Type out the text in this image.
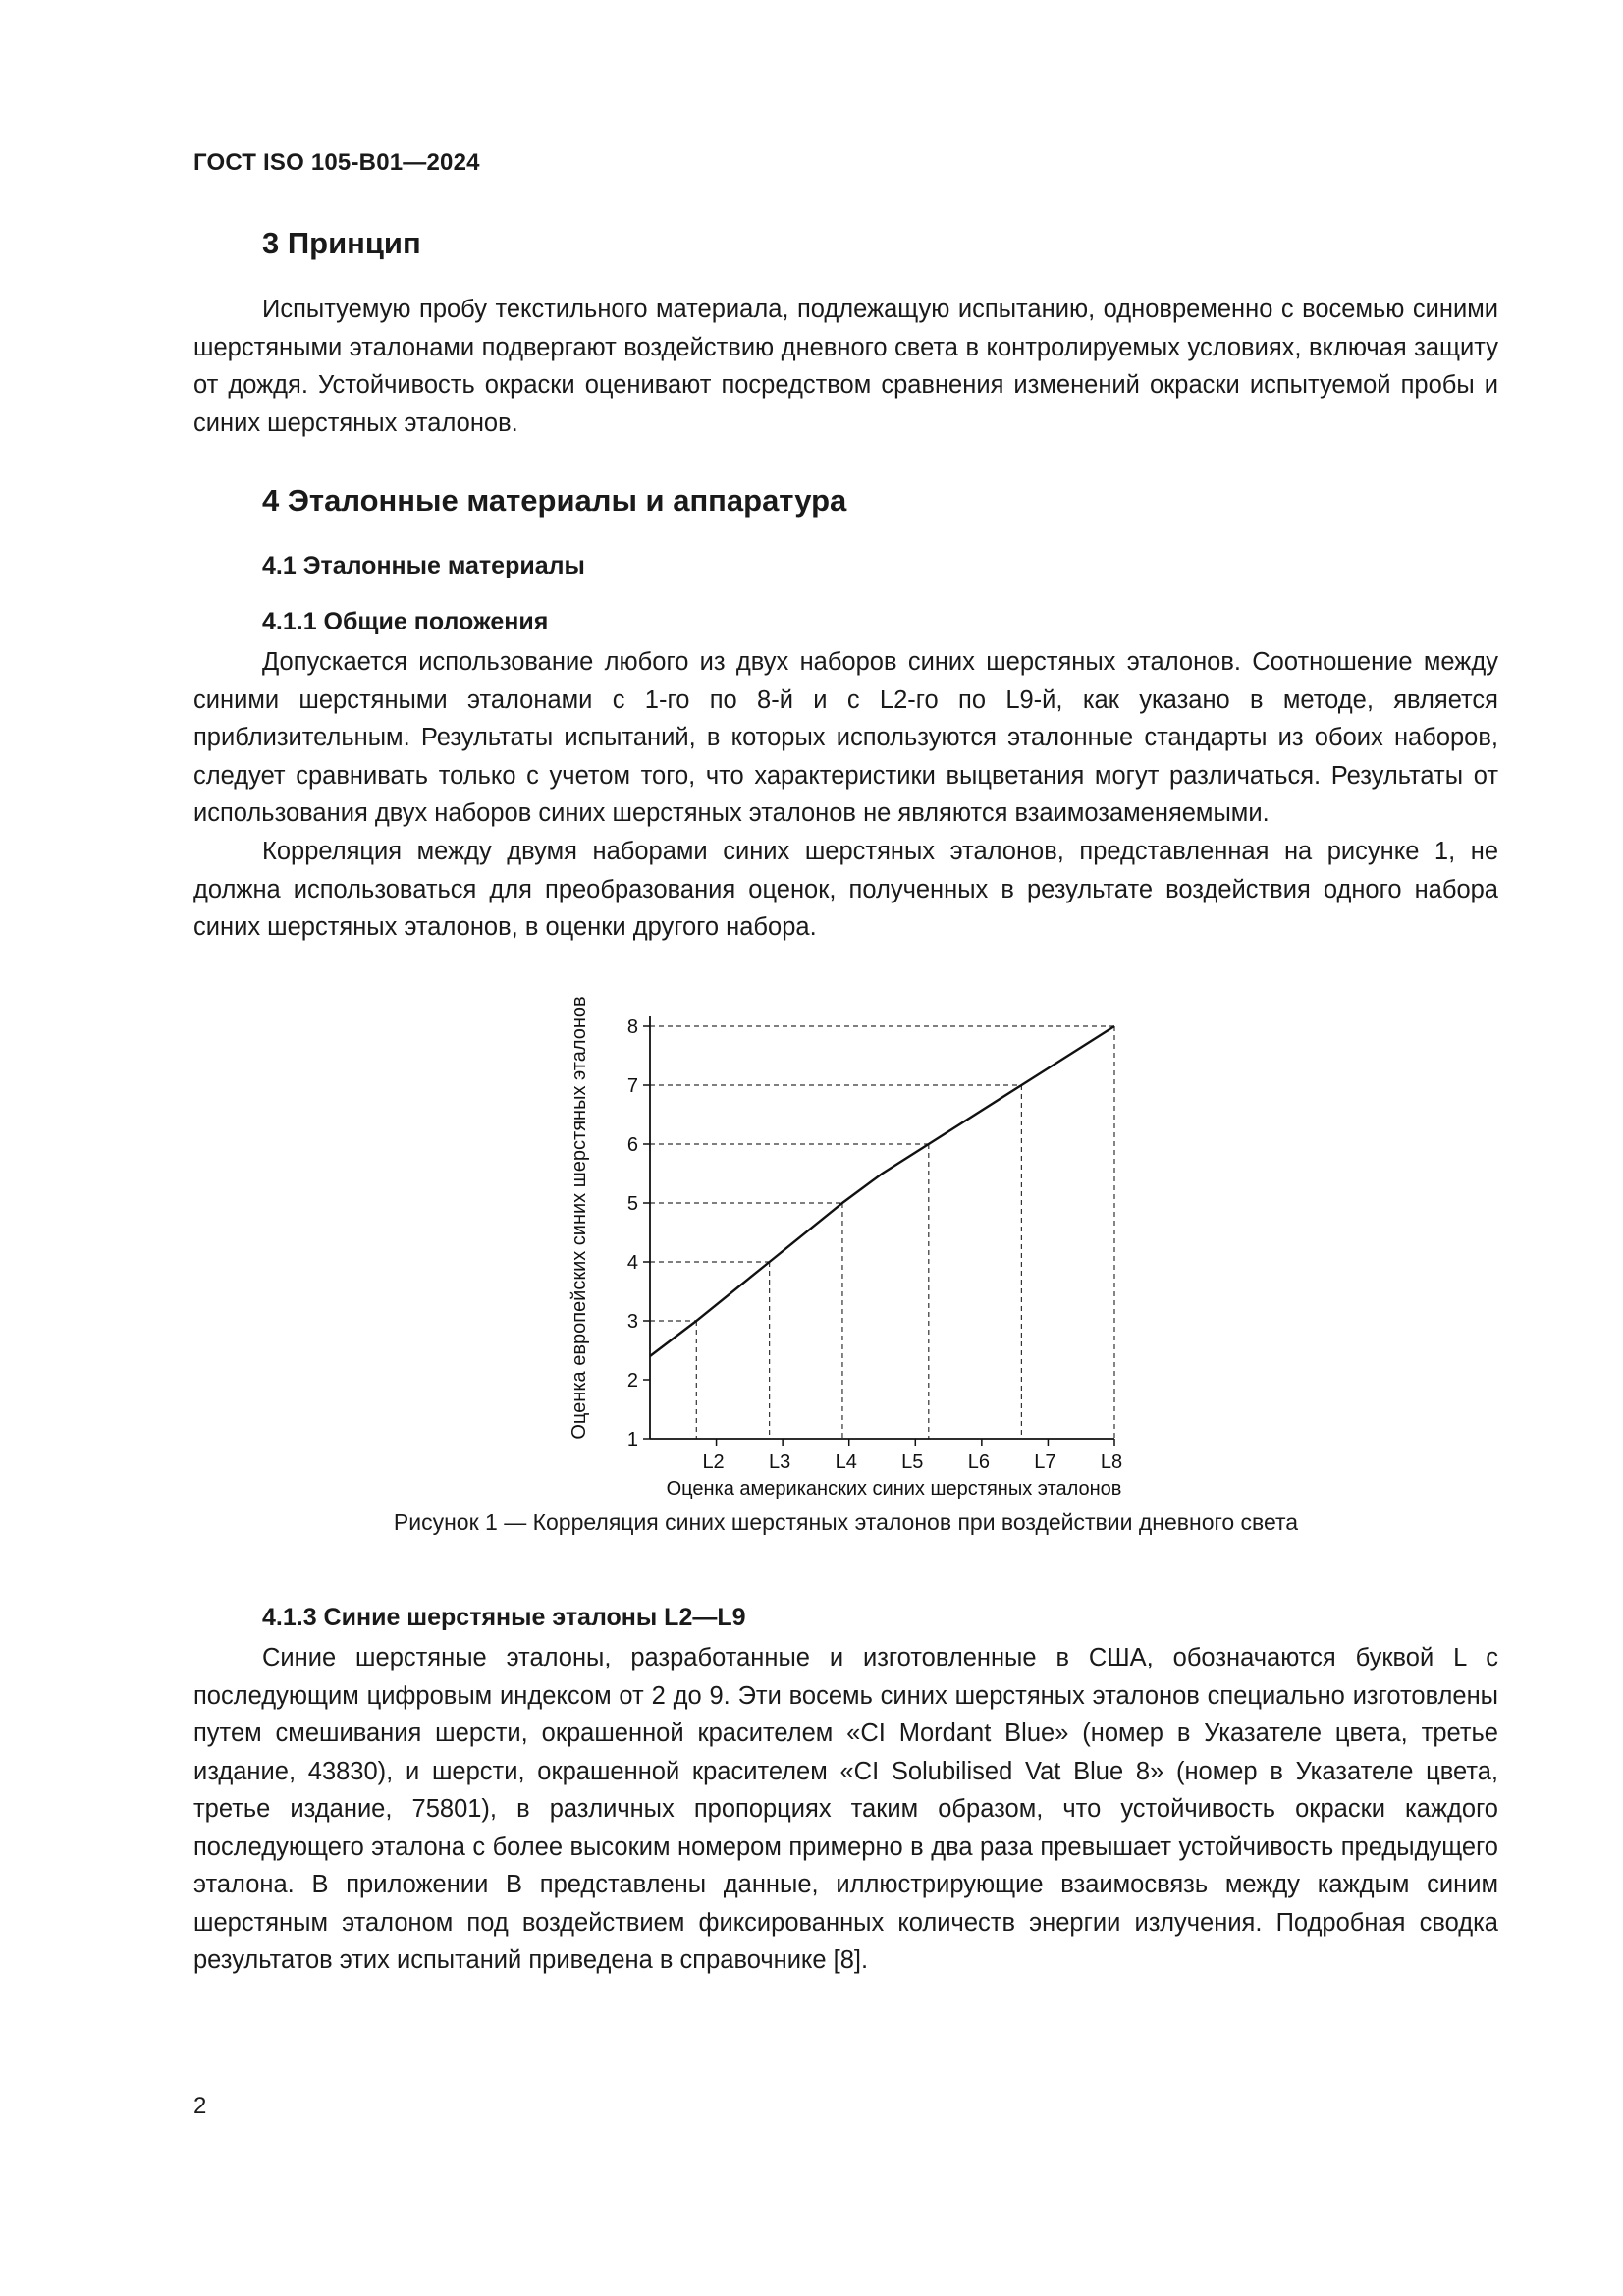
ГОСТ ISO 105-B01—2024
3 Принцип

Испытуемую пробу текстильного материала, подлежащую испытанию, одновременно с восемью синими шерстяными эталонами подвергают воздействию дневного света в контролируемых условиях, включая защиту от дождя. Устойчивость окраски оценивают посредством сравнения изменений окраски испытуемой пробы и синих шерстяных эталонов.

4 Эталонные материалы и аппаратура
4.1 Эталонные материалы
4.1.1 Общие положения

Допускается использование любого из двух наборов синих шерстяных эталонов. Соотношение между синими шерстяными эталонами с 1-го по 8-й и с L2-го по L9-й, как указано в методе, является приблизительным. Результаты испытаний, в которых используются эталонные стандарты из обоих наборов, следует сравнивать только с учетом того, что характеристики выцветания могут различаться. Результаты от использования двух наборов синих шерстяных эталонов не являются взаимозаменяемыми.

Корреляция между двумя наборами синих шерстяных эталонов, представленная на рисунке 1, не должна использоваться для преобразования оценок, полученных в результате воздействия одного набора синих шерстяных эталонов, в оценки другого набора.

1
2
3
4
5
6
7
8
L2 L3 L4 L5 L6 L7 L8
Оценка американских синих шерстяных эталонов
Оценка европейских синих шерстяных эталонов
Рисунок 1 — Корреляция синих шерстяных эталонов при воздействии дневного света
4.1.3 Синие шерстяные эталоны L2—L9

Синие шерстяные эталоны, разработанные и изготовленные в США, обозначаются буквой L с последующим цифровым индексом от 2 до 9. Эти восемь синих шерстяных эталонов специально изготовлены путем смешивания шерсти, окрашенной красителем «CI Mordant Blue» (номер в Указателе цвета, третье издание, 43830), и шерсти, окрашенной красителем «CI Solubilised Vat Blue 8» (номер в Указателе цвета, третье издание, 75801), в различных пропорциях таким образом, что устойчивость окраски каждого последующего эталона с более высоким номером примерно в два раза превышает устойчивость предыдущего эталона. В приложении В представлены данные, иллюстрирующие взаимосвязь между каждым синим шерстяным эталоном под воздействием фиксированных количеств энергии излучения. Подробная сводка результатов этих испытаний приведена в справочнике [8].

2
